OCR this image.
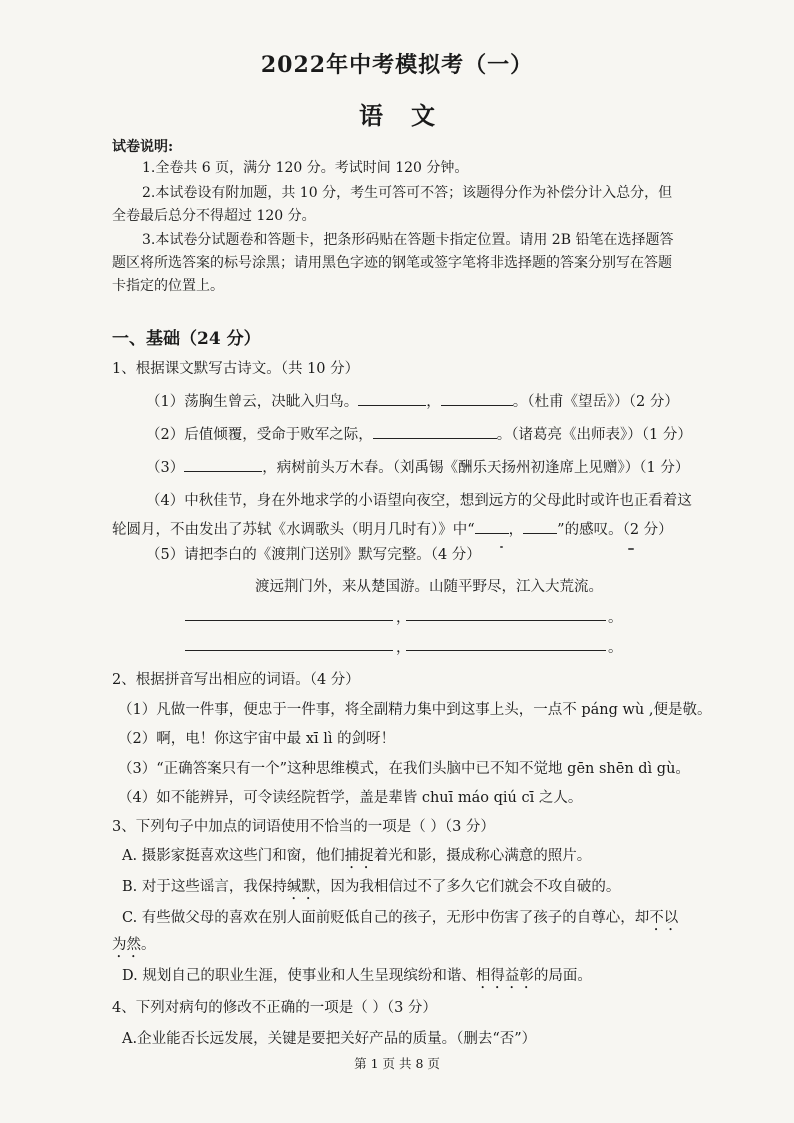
2022年中考模拟考（一）
语文
试卷说明:
1.全卷共 6 页，满分 120 分。考试时间 120 分钟。
2.本试卷设有附加题，共 10 分，考生可答可不答；该题得分作为补偿分计入总分，但
全卷最后总分不得超过 120 分。
3.本试卷分试题卷和答题卡，把条形码贴在答题卡指定位置。请用 2B 铅笔在选择题答
题区将所选答案的标号涂黑；请用黑色字迹的钢笔或签字笔将非选择题的答案分别写在答题
卡指定的位置上。
一、基础（24 分）
1、根据课文默写古诗文。（共 10 分）
（1）荡胸生曾云，决眦入归鸟。	，	。（杜甫《望岳》）（2 分）
（2）后值倾覆，受命于败军之际，	。（诸葛亮《出师表》）（1 分）
（3）	，病树前头万木春。（刘禹锡《酬乐天扬州初逢席上见赠》）（1 分）
（4）中秋佳节，身在外地求学的小语望向夜空，想到远方的父母此时或许也正看着这
轮圆月，不由发出了苏轼《水调歌头（明月几时有）》中“ ， ”的感叹。（2 分）
（5）请把李白的《渡荆门送别》默写完整。（4 分）
渡远荆门外，来从楚国游。山随平野尽，江入大荒流。
，	。
，	。
2、根据拼音写出相应的词语。（4 分）
（1）凡做一件事，便忠于一件事，将全副精力集中到这事上头，一点不 páng wù ,便是敬。
（2）啊，电！你这宇宙中最 xī lì 的剑呀！
（3）“正确答案只有一个”这种思维模式，在我们头脑中已不知不觉地 gēn shēn dì gù。
（4）如不能辨异，可令读经院哲学，盖是辈皆 chuī máo qiú cī 之人。
3、下列句子中加点的词语使用不恰当的一项是（ ）（3 分）
A. 摄影家挺喜欢这些门和窗，他们捕捉着光和影，摄成称心满意的照片。
B. 对于这些谣言，我保持缄默，因为我相信过不了多久它们就会不攻自破的。
C. 有些做父母的喜欢在别人面前贬低自己的孩子，无形中伤害了孩子的自尊心，却不以
为然。
D. 规划自己的职业生涯，使事业和人生呈现缤纷和谐、相得益彰的局面。
4、下列对病句的修改不正确的一项是（ ）（3 分）
A.企业能否长远发展，关键是要把关好产品的质量。（删去“否”）
第 1 页 共 8 页
